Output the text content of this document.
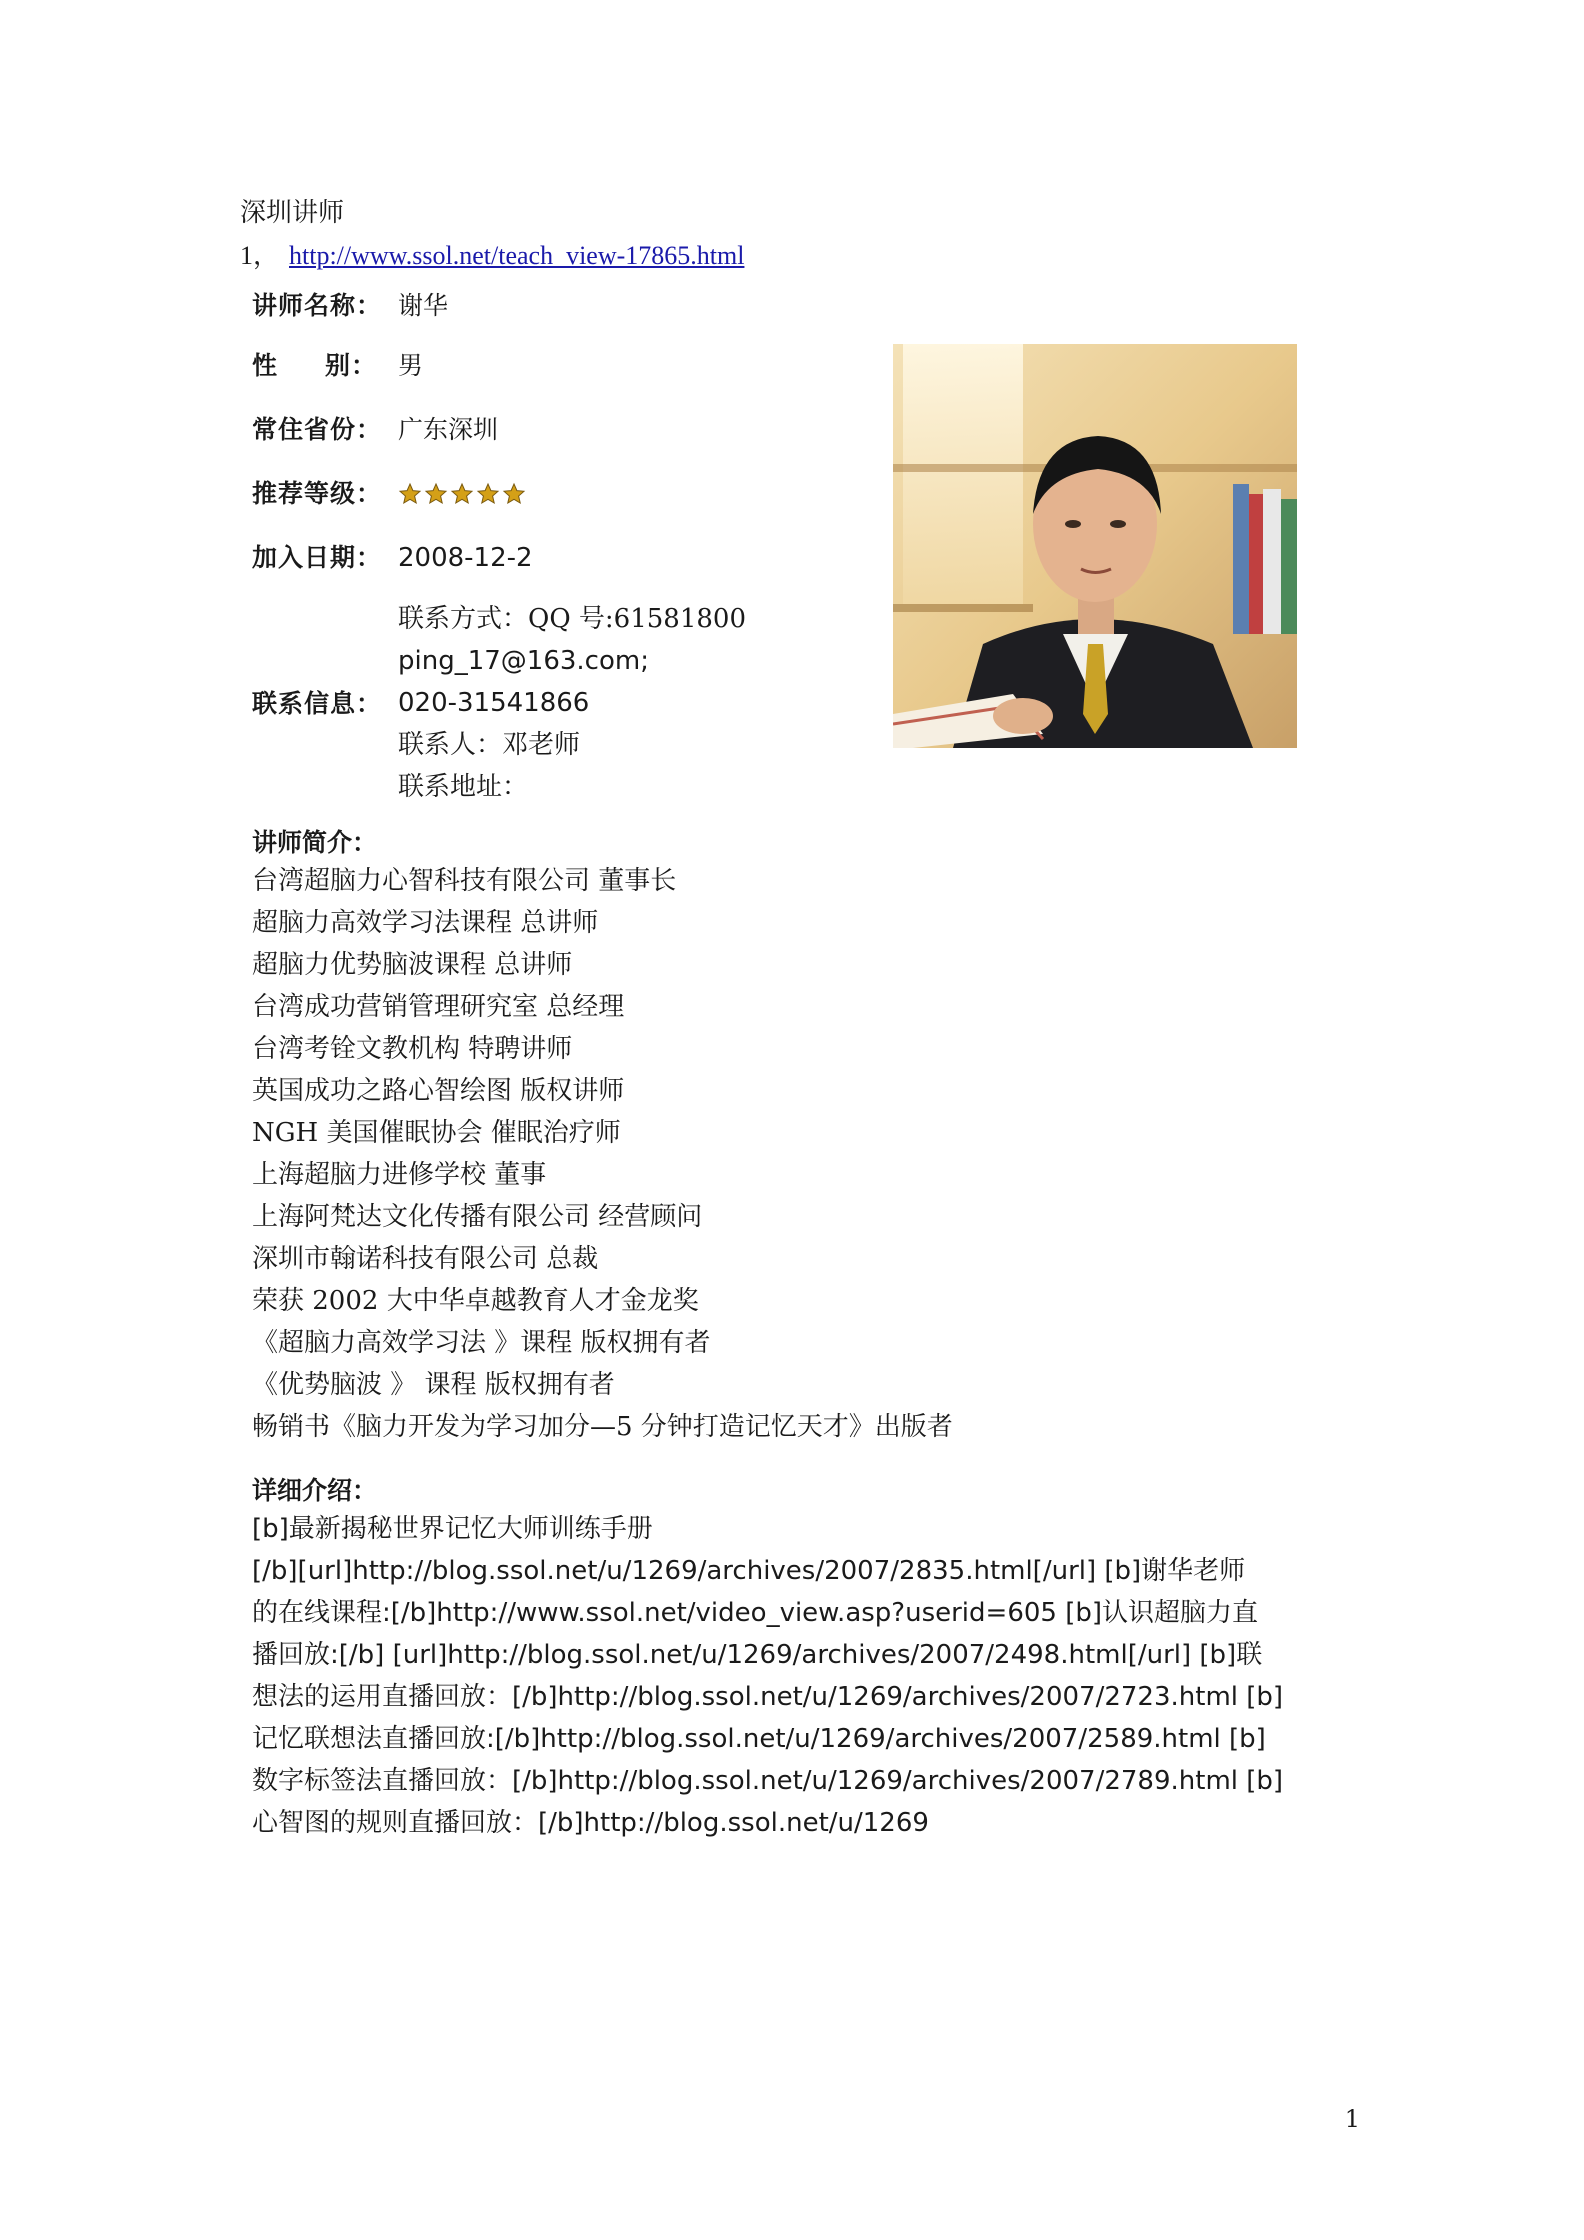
深圳讲师
1， http://www.ssol.net/teach_view-17865.html
讲师名称： 谢华
性 别： 男
常住省份： 广东深圳
推荐等级：
加入日期： 2008-12-2
联系方式：QQ 号:61581800
ping_17@163.com;
联系信息： 020-31541866
联系人：邓老师
联系地址：
讲师简介：
台湾超脑力心智科技有限公司 董事长
超脑力高效学习法课程 总讲师
超脑力优势脑波课程 总讲师
台湾成功营销管理研究室 总经理
台湾考铨文教机构 特聘讲师
英国成功之路心智绘图 版权讲师
NGH 美国催眠协会 催眠治疗师
上海超脑力进修学校 董事
上海阿梵达文化传播有限公司 经营顾问
深圳市翰诺科技有限公司 总裁
荣获 2002 大中华卓越教育人才金龙奖
《超脑力高效学习法 》课程 版权拥有者
《优势脑波 》 课程 版权拥有者
畅销书《脑力开发为学习加分—5 分钟打造记忆天才》出版者
详细介绍：
[b]最新揭秘世界记忆大师训练手册
[/b][url]http://blog.ssol.net/u/1269/archives/2007/2835.html[/url] [b]谢华老师
的在线课程:[/b]http://www.ssol.net/video_view.asp?userid=605 [b]认识超脑力直
播回放:[/b] [url]http://blog.ssol.net/u/1269/archives/2007/2498.html[/url] [b]联
想法的运用直播回放：[/b]http://blog.ssol.net/u/1269/archives/2007/2723.html [b]
记忆联想法直播回放:[/b]http://blog.ssol.net/u/1269/archives/2007/2589.html [b]
数字标签法直播回放：[/b]http://blog.ssol.net/u/1269/archives/2007/2789.html [b]
心智图的规则直播回放：[/b]http://blog.ssol.net/u/1269
1
